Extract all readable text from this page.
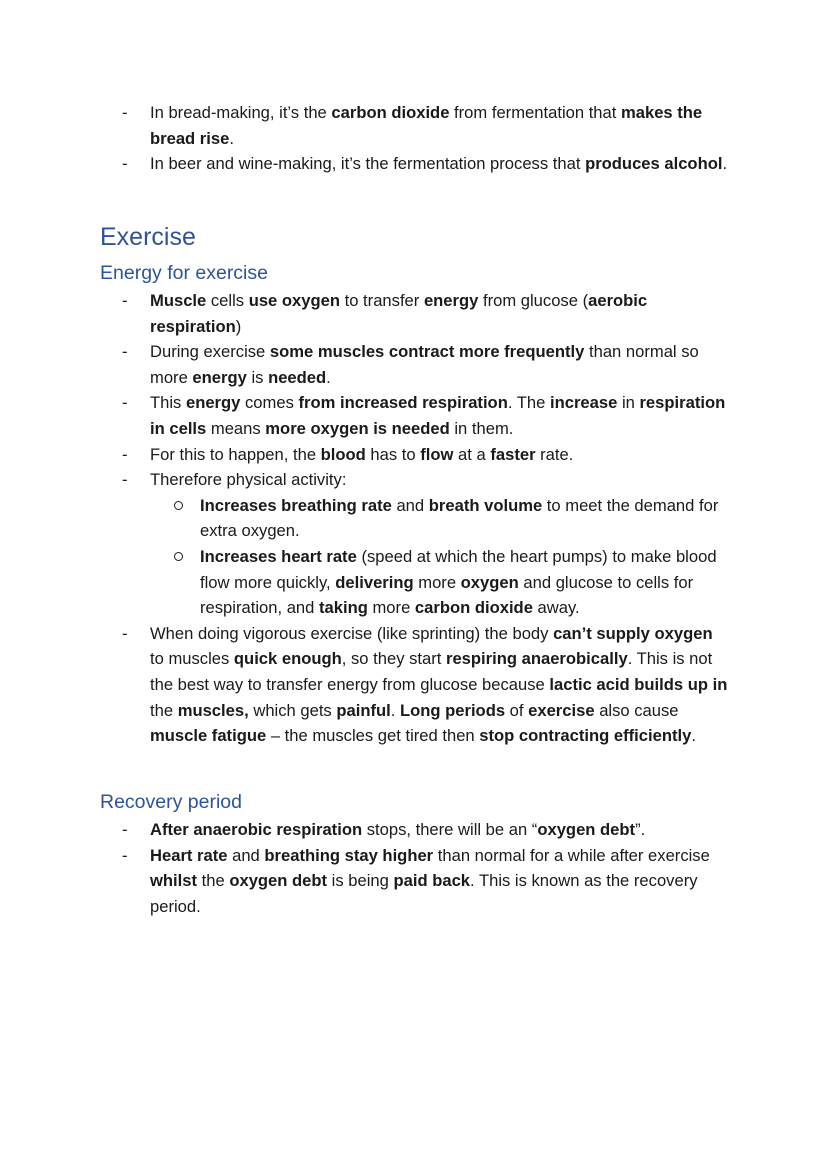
-	In bread-making, it’s the carbon dioxide from fermentation that makes the bread rise.
-	In beer and wine-making, it’s the fermentation process that produces alcohol.
Exercise
Energy for exercise
-	Muscle cells use oxygen to transfer energy from glucose (aerobic respiration)
-	During exercise some muscles contract more frequently than normal so more energy is needed.
-	This energy comes from increased respiration. The increase in respiration in cells means more oxygen is needed in them.
-	For this to happen, the blood has to flow at a faster rate.
-	Therefore physical activity:
Increases breathing rate and breath volume to meet the demand for extra oxygen.
Increases heart rate (speed at which the heart pumps) to make blood flow more quickly, delivering more oxygen and glucose to cells for respiration, and taking more carbon dioxide away.
-	When doing vigorous exercise (like sprinting) the body can’t supply oxygen to muscles quick enough, so they start respiring anaerobically. This is not the best way to transfer energy from glucose because lactic acid builds up in the muscles, which gets painful. Long periods of exercise also cause muscle fatigue – the muscles get tired then stop contracting efficiently.
Recovery period
-	After anaerobic respiration stops, there will be an “oxygen debt”.
-	Heart rate and breathing stay higher than normal for a while after exercise whilst the oxygen debt is being paid back. This is known as the recovery period.
